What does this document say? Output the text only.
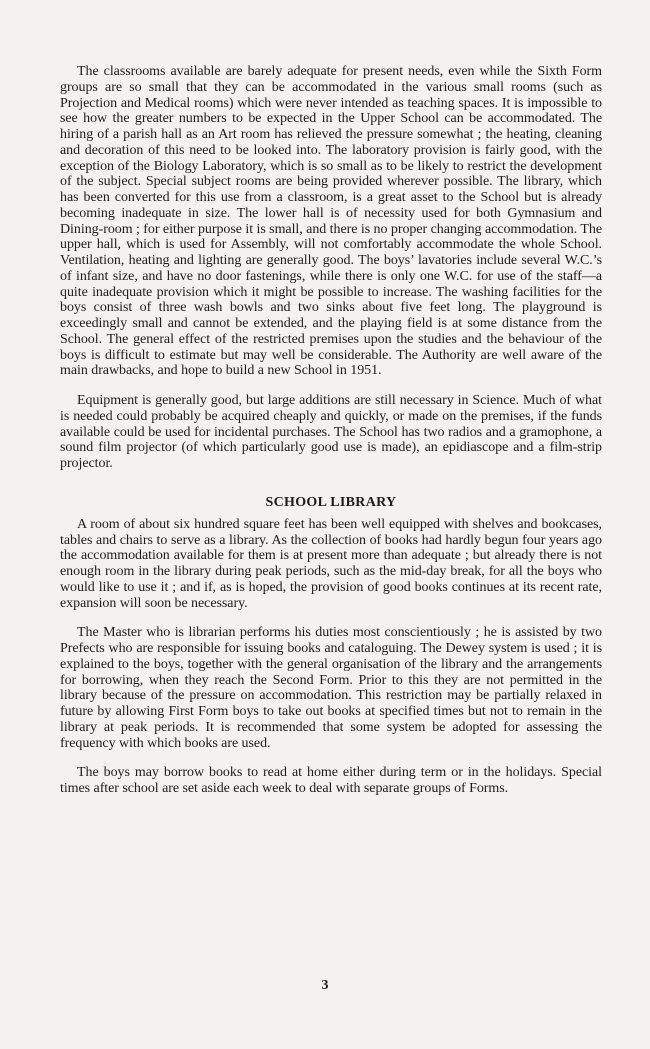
The classrooms available are barely adequate for present needs, even while the Sixth Form groups are so small that they can be accommodated in the various small rooms (such as Projection and Medical rooms) which were never intended as teaching spaces. It is impossible to see how the greater numbers to be expected in the Upper School can be accommodated. The hiring of a parish hall as an Art room has relieved the pressure somewhat ; the heating, cleaning and decoration of this need to be looked into. The laboratory provision is fairly good, with the exception of the Biology Laboratory, which is so small as to be likely to restrict the development of the subject. Special subject rooms are being provided wherever possible. The library, which has been converted for this use from a classroom, is a great asset to the School but is already becoming inadequate in size. The lower hall is of necessity used for both Gymnasium and Dining-room ; for either purpose it is small, and there is no proper changing accommodation. The upper hall, which is used for Assembly, will not comfortably accommodate the whole School. Ventilation, heating and lighting are generally good. The boys’ lavatories include several W.C.’s of infant size, and have no door fastenings, while there is only one W.C. for use of the staff—a quite inadequate provision which it might be possible to increase. The washing facilities for the boys consist of three wash bowls and two sinks about five feet long. The playground is exceedingly small and cannot be extended, and the playing field is at some distance from the School. The general effect of the restricted premises upon the studies and the behaviour of the boys is difficult to estimate but may well be considerable. The Authority are well aware of the main drawbacks, and hope to build a new School in 1951.

Equipment is generally good, but large additions are still necessary in Science. Much of what is needed could probably be acquired cheaply and quickly, or made on the premises, if the funds available could be used for incidental purchases. The School has two radios and a gramophone, a sound film projector (of which particularly good use is made), an epidiascope and a film-strip projector.

SCHOOL LIBRARY

A room of about six hundred square feet has been well equipped with shelves and bookcases, tables and chairs to serve as a library. As the collection of books had hardly begun four years ago the accommodation available for them is at present more than adequate ; but already there is not enough room in the library during peak periods, such as the mid-day break, for all the boys who would like to use it ; and if, as is hoped, the provision of good books continues at its recent rate, expansion will soon be necessary.

The Master who is librarian performs his duties most conscientiously ; he is assisted by two Prefects who are responsible for issuing books and cataloguing. The Dewey system is used ; it is explained to the boys, together with the general organisation of the library and the arrangements for borrowing, when they reach the Second Form. Prior to this they are not permitted in the library because of the pressure on accommodation. This restriction may be partially relaxed in future by allowing First Form boys to take out books at specified times but not to remain in the library at peak periods. It is recommended that some system be adopted for assessing the frequency with which books are used.

The boys may borrow books to read at home either during term or in the holidays. Special times after school are set aside each week to deal with separate groups of Forms.

3
